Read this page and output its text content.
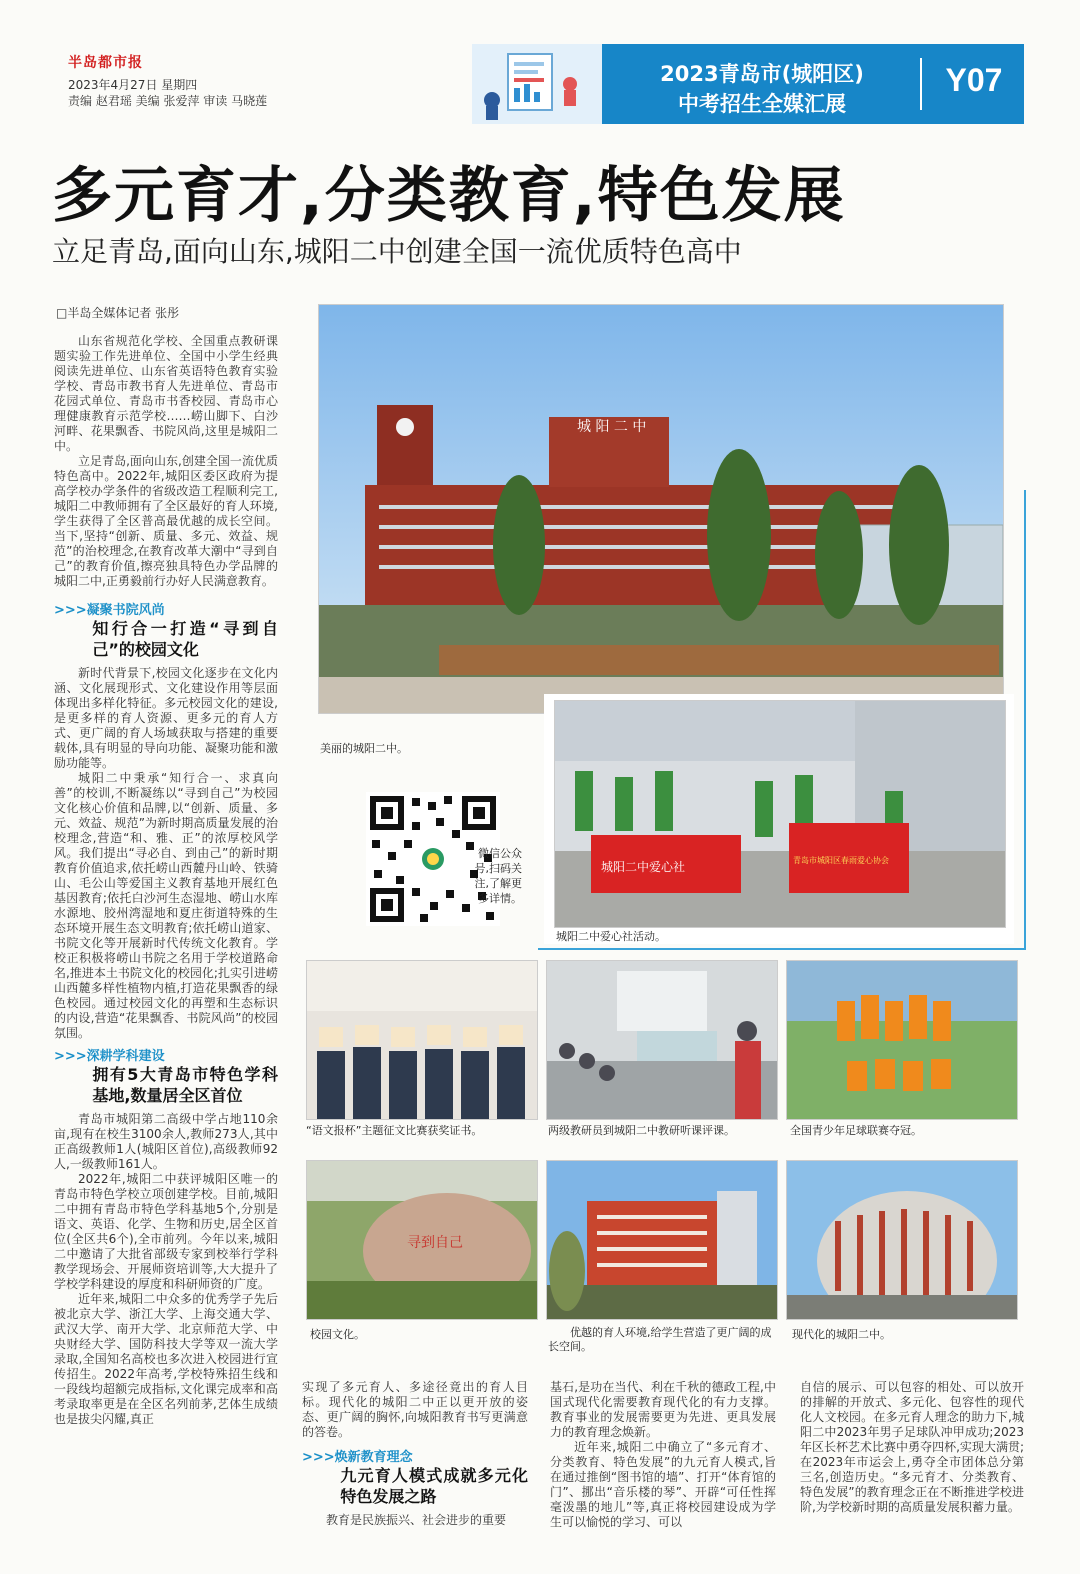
半岛都市报
2023年4月27日 星期四
责编 赵君瑶 美编 张爱萍 审读 马晓莲
2023青岛市(城阳区)
中考招生全媒汇展
Y07
多元育才,分类教育,特色发展
立足青岛,面向山东,城阳二中创建全国一流优质特色高中
□半岛全媒体记者 张彤

山东省规范化学校、全国重点教研课题实验工作先进单位、全国中小学生经典阅读先进单位、山东省英语特色教育实验学校、青岛市教书育人先进单位、青岛市花园式单位、青岛市书香校园、青岛市心理健康教育示范学校……崂山脚下、白沙河畔、花果飘香、书院风尚,这里是城阳二中。

立足青岛,面向山东,创建全国一流优质特色高中。2022年,城阳区委区政府为提高学校办学条件的省级改造工程顺利完工,城阳二中教师拥有了全区最好的育人环境,学生获得了全区普高最优越的成长空间。当下,坚持“创新、质量、多元、效益、规范”的治校理念,在教育改革大潮中“寻到自己”的教育价值,擦亮独具特色办学品牌的城阳二中,正勇毅前行办好人民满意教育。

>>>凝聚书院风尚
知行合一打造“寻到自己”的校园文化

新时代背景下,校园文化逐步在文化内涵、文化展现形式、文化建设作用等层面体现出多样化特征。多元校园文化的建设,是更多样的育人资源、更多元的育人方式、更广阔的育人场域获取与搭建的重要载体,具有明显的导向功能、凝聚功能和激励功能等。

城阳二中秉承“知行合一、求真向善”的校训,不断凝练以“寻到自己”为校园文化核心价值和品牌,以“创新、质量、多元、效益、规范”为新时期高质量发展的治校理念,营造“和、雅、正”的浓厚校风学风。我们提出“寻必自、到由己”的新时期教育价值追求,依托崂山西麓丹山岭、铁骑山、毛公山等爱国主义教育基地开展红色基因教育;依托白沙河生态湿地、崂山水库水源地、胶州湾湿地和夏庄街道特殊的生态环境开展生态文明教育;依托崂山道家、书院文化等开展新时代传统文化教育。学校正积极将崂山书院之名用于学校道路命名,推进本土书院文化的校园化;扎实引进崂山西麓多样性植物内植,打造花果飘香的绿色校园。通过校园文化的再塑和生态标识的内设,营造“花果飘香、书院风尚”的校园氛围。

>>>深耕学科建设
拥有5大青岛市特色学科基地,数量居全区首位

青岛市城阳第二高级中学占地110余亩,现有在校生3100余人,教师273人,其中正高级教师1人(城阳区首位),高级教师92人,一级教师161人。

2022年,城阳二中获评城阳区唯一的青岛市特色学校立项创建学校。目前,城阳二中拥有青岛市特色学科基地5个,分别是语文、英语、化学、生物和历史,居全区首位(全区共6个),全市前列。今年以来,城阳二中邀请了大批省部级专家到校举行学科教学现场会、开展师资培训等,大大提升了学校学科建设的厚度和科研师资的广度。

近年来,城阳二中众多的优秀学子先后被北京大学、浙江大学、上海交通大学、武汉大学、南开大学、北京师范大学、中央财经大学、国防科技大学等双一流大学录取,全国知名高校也多次进入校园进行宣传招生。2022年高考,学校特殊招生线和一段线均超额完成指标,文化课完成率和高考录取率更是在全区名列前茅,艺体生成绩也是拔尖闪耀,真正

城 阳 二 中
美丽的城阳二中。
微信公众号,扫码关注,了解更多详情。
城阳二中爱心社	青岛市城阳区春雨爱心协会
城阳二中爱心社活动。
“语文报杯”主题征文比赛获奖证书。	两级教研员到城阳二中教研听课评课。	全国青少年足球联赛夺冠。
寻到自己
校园文化。	优越的育人环境,给学生营造了更广阔的成长空间。
现代化的城阳二中。
实现了多元育人、多途径竟出的育人目标。现代化的城阳二中正以更开放的姿态、更广阔的胸怀,向城阳教育书写更满意的答卷。
>>>焕新教育理念
九元育人模式成就多元化特色发展之路

教育是民族振兴、社会进步的重要

基石,是功在当代、利在千秋的德政工程,中国式现代化需要教育现代化的有力支撑。教育事业的发展需要更为先进、更具发展力的教育理念焕新。

近年来,城阳二中确立了“多元育才、分类教育、特色发展”的九元育人模式,旨在通过推倒“图书馆的墙”、打开“体育馆的门”、挪出“音乐楼的琴”、开辟“可任性挥毫泼墨的地儿”等,真正将校园建设成为学生可以愉悦的学习、可以

自信的展示、可以包容的相处、可以放开的排解的开放式、多元化、包容性的现代化人文校园。在多元育人理念的助力下,城阳二中2023年男子足球队冲甲成功;2023年区长杯艺术比赛中勇夺四杯,实现大满贯;在2023年市运会上,勇夺全市团体总分第三名,创造历史。“多元育才、分类教育、特色发展”的教育理念正在不断推进学校进阶,为学校新时期的高质量发展积蓄力量。
